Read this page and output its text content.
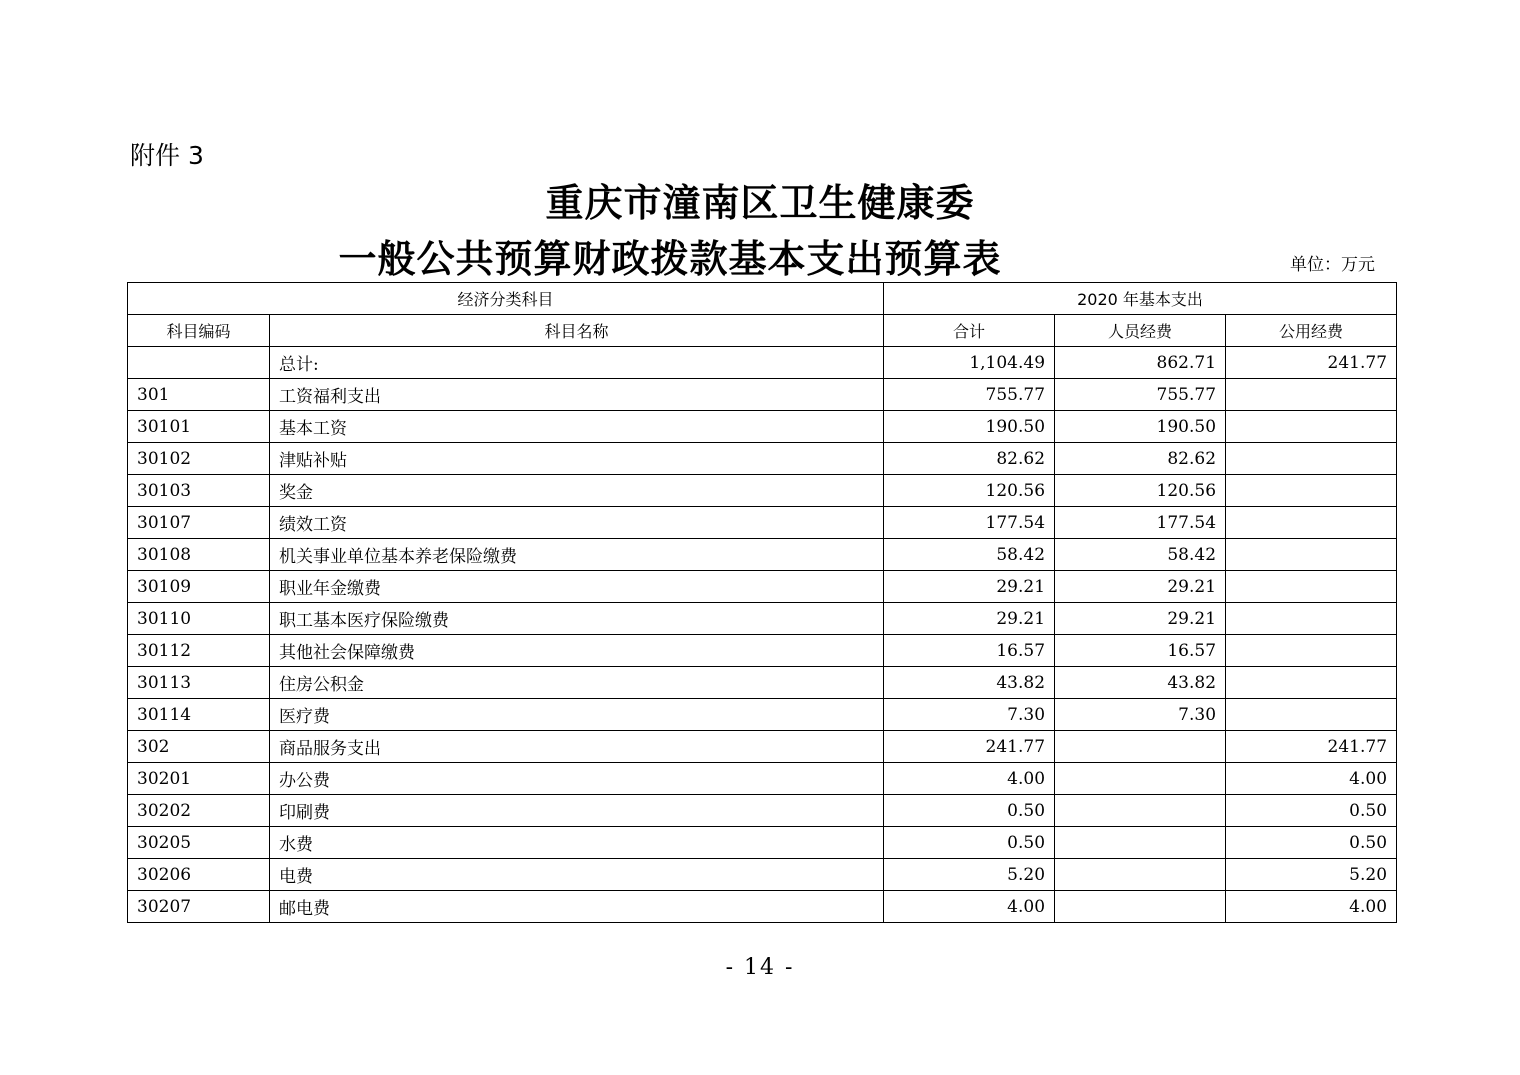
附件 3
重庆市潼南区卫生健康委
一般公共预算财政拨款基本支出预算表	单位：万元
经济分类科目		2020 年基本支出		
科目编码	科目名称	合计	人员经费	公用经费
	总计:	1,104.49	862.71	241.77
301	工资福利支出	755.77	755.77	
30101	基本工资	190.50	190.50	
30102	津贴补贴	82.62	82.62	
30103	奖金	120.56	120.56	
30107	绩效工资	177.54	177.54	
30108	机关事业单位基本养老保险缴费	58.42	58.42	
30109	职业年金缴费	29.21	29.21	
30110	职工基本医疗保险缴费	29.21	29.21	
30112	其他社会保障缴费	16.57	16.57	
30113	住房公积金	43.82	43.82	
30114	医疗费	7.30	7.30	
302	商品服务支出	241.77		241.77
30201	办公费	4.00		4.00
30202	印刷费	0.50		0.50
30205	水费	0.50		0.50
30206	电费	5.20		5.20
30207	邮电费	4.00		4.00
- 14 -
